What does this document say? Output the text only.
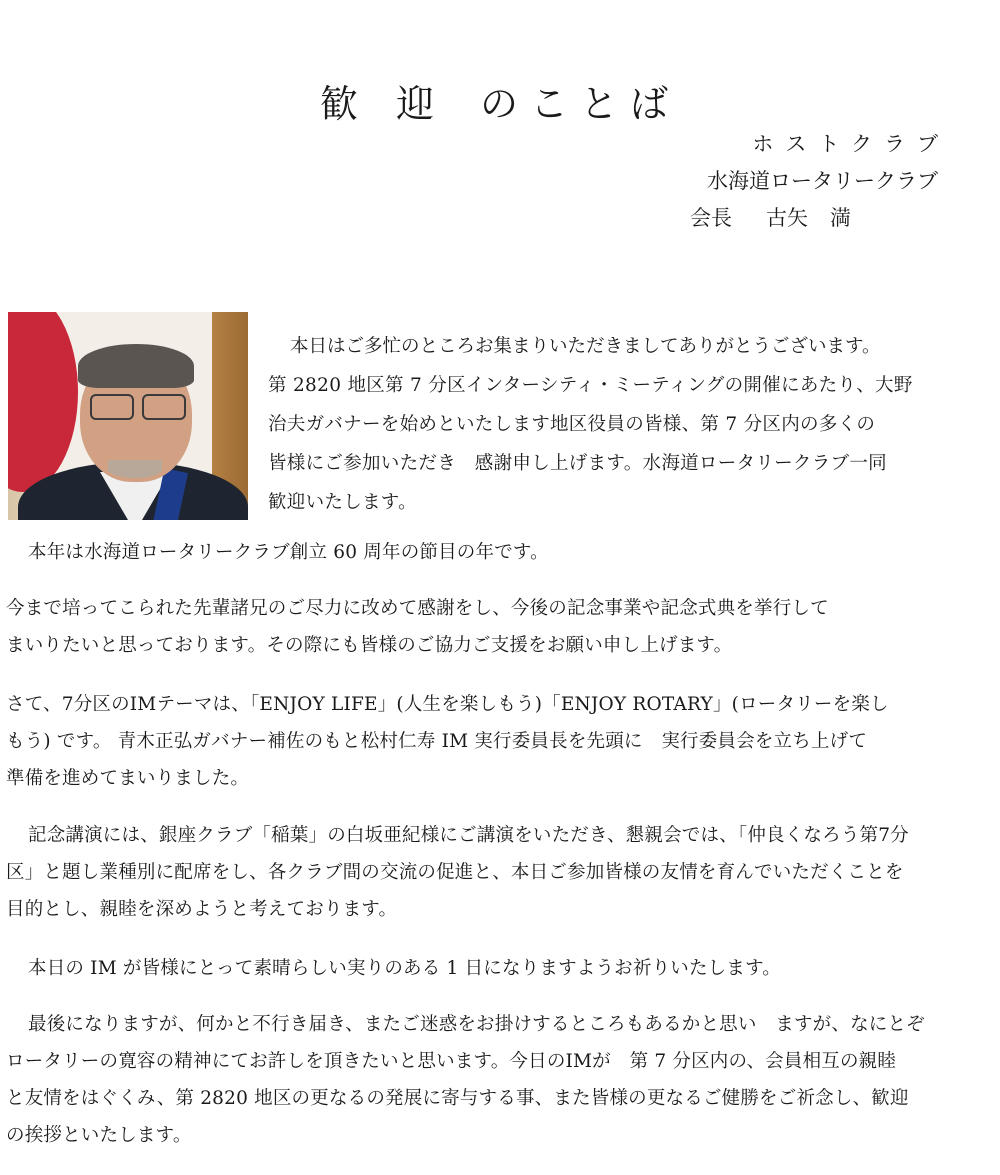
歓 迎 のことば
ホストクラブ
水海道ロータリークラブ
会長 古矢 満

本日はご多忙のところお集まりいただきましてありがとうございます。

第 2820 地区第 7 分区インターシティ・ミーティングの開催にあたり、大野
治夫ガバナーを始めといたします地区役員の皆様、第 7 分区内の多くの
皆様にご参加いただき　感謝申し上げます。水海道ロータリークラブ一同
歓迎いたします。
本年は水海道ロータリークラブ創立 60 周年の節目の年です。
今まで培ってこられた先輩諸兄のご尽力に改めて感謝をし、今後の記念事業や記念式典を挙行して
まいりたいと思っております。その際にも皆様のご協力ご支援をお願い申し上げます。
さて、7分区のIMテーマは、「ENJOY LIFE」(人生を楽しもう)「ENJOY ROTARY」(ロータリーを楽し
もう) です。 青木正弘ガバナー補佐のもと松村仁寿 IM 実行委員長を先頭に　実行委員会を立ち上げて
準備を進めてまいりました。
記念講演には、銀座クラブ「稲葉」の白坂亜紀様にご講演をいただき、懇親会では、「仲良くなろう第7分
区」と題し業種別に配席をし、各クラブ間の交流の促進と、本日ご参加皆様の友情を育んでいただくことを
目的とし、親睦を深めようと考えております。
本日の IM が皆様にとって素晴らしい実りのある 1 日になりますようお祈りいたします。
最後になりますが、何かと不行き届き、またご迷惑をお掛けするところもあるかと思い　ますが、なにとぞ
ロータリーの寛容の精神にてお許しを頂きたいと思います。今日のIMが　第 7 分区内の、会員相互の親睦
と友情をはぐくみ、第 2820 地区の更なるの発展に寄与する事、また皆様の更なるご健勝をご祈念し、歓迎
の挨拶といたします。
